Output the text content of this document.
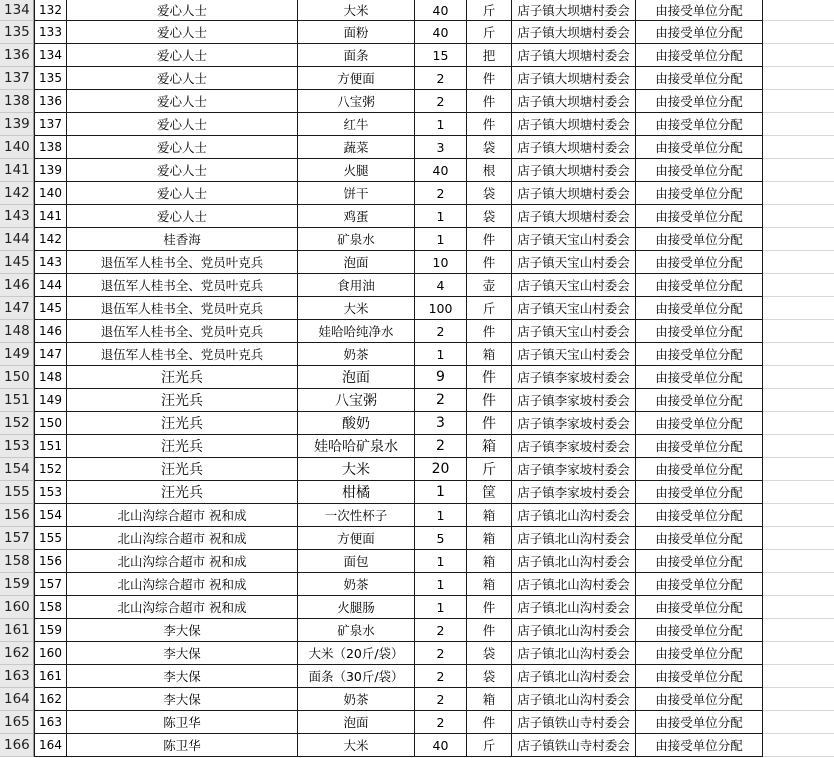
134 132	爱心人士	大米	40	斤	店子镇大坝塘村委会	由接受单位分配
135 133	爱心人士	面粉	40	斤	店子镇大坝塘村委会	由接受单位分配
136 134	爱心人士	面条	15	把	店子镇大坝塘村委会	由接受单位分配
137 135	爱心人士	方便面	2	件	店子镇大坝塘村委会	由接受单位分配
138 136	爱心人士	八宝粥	2	件	店子镇大坝塘村委会	由接受单位分配
139 137	爱心人士	红牛	1	件	店子镇大坝塘村委会	由接受单位分配
140 138	爱心人士	蔬菜	3	袋	店子镇大坝塘村委会	由接受单位分配
141 139	爱心人士	火腿	40	根	店子镇大坝塘村委会	由接受单位分配
142 140	爱心人士	饼干	2	袋	店子镇大坝塘村委会	由接受单位分配
143 141	爱心人士	鸡蛋	1	袋	店子镇大坝塘村委会	由接受单位分配
144 142	桂香海	矿泉水	1	件	店子镇天宝山村委会	由接受单位分配
145 143	退伍军人桂书全、党员叶克兵	泡面	10	件	店子镇天宝山村委会	由接受单位分配
146 144	退伍军人桂书全、党员叶克兵	食用油	4	壶	店子镇天宝山村委会	由接受单位分配
147 145	退伍军人桂书全、党员叶克兵	大米	100	斤	店子镇天宝山村委会	由接受单位分配
148 146	退伍军人桂书全、党员叶克兵	娃哈哈纯净水	2	件	店子镇天宝山村委会	由接受单位分配
149 147	退伍军人桂书全、党员叶克兵	奶茶	1	箱	店子镇天宝山村委会	由接受单位分配
150 148	汪光兵	泡面	9	件	店子镇李家坡村委会	由接受单位分配
151 149	汪光兵	八宝粥	2	件	店子镇李家坡村委会	由接受单位分配
152 150	汪光兵	酸奶	3	件	店子镇李家坡村委会	由接受单位分配
153 151	汪光兵	娃哈哈矿泉水	2	箱	店子镇李家坡村委会	由接受单位分配
154 152	汪光兵	大米	20	斤	店子镇李家坡村委会	由接受单位分配
155 153	汪光兵	柑橘	1	筐	店子镇李家坡村委会	由接受单位分配
156 154	北山沟综合超市 祝和成	一次性杯子	1	箱	店子镇北山沟村委会	由接受单位分配
157 155	北山沟综合超市 祝和成	方便面	5	箱	店子镇北山沟村委会	由接受单位分配
158 156	北山沟综合超市 祝和成	面包	1	箱	店子镇北山沟村委会	由接受单位分配
159 157	北山沟综合超市 祝和成	奶茶	1	箱	店子镇北山沟村委会	由接受单位分配
160 158	北山沟综合超市 祝和成	火腿肠	1	件	店子镇北山沟村委会	由接受单位分配
161 159	李大保	矿泉水	2	件	店子镇北山沟村委会	由接受单位分配
162 160	李大保	大米（20斤/袋）	2	袋	店子镇北山沟村委会	由接受单位分配
163 161	李大保	面条（30斤/袋）	2	袋	店子镇北山沟村委会	由接受单位分配
164 162	李大保	奶茶	2	箱	店子镇北山沟村委会	由接受单位分配
165 163	陈卫华	泡面	2	件	店子镇铁山寺村委会	由接受单位分配
166 164	陈卫华	大米	40	斤	店子镇铁山寺村委会	由接受单位分配
